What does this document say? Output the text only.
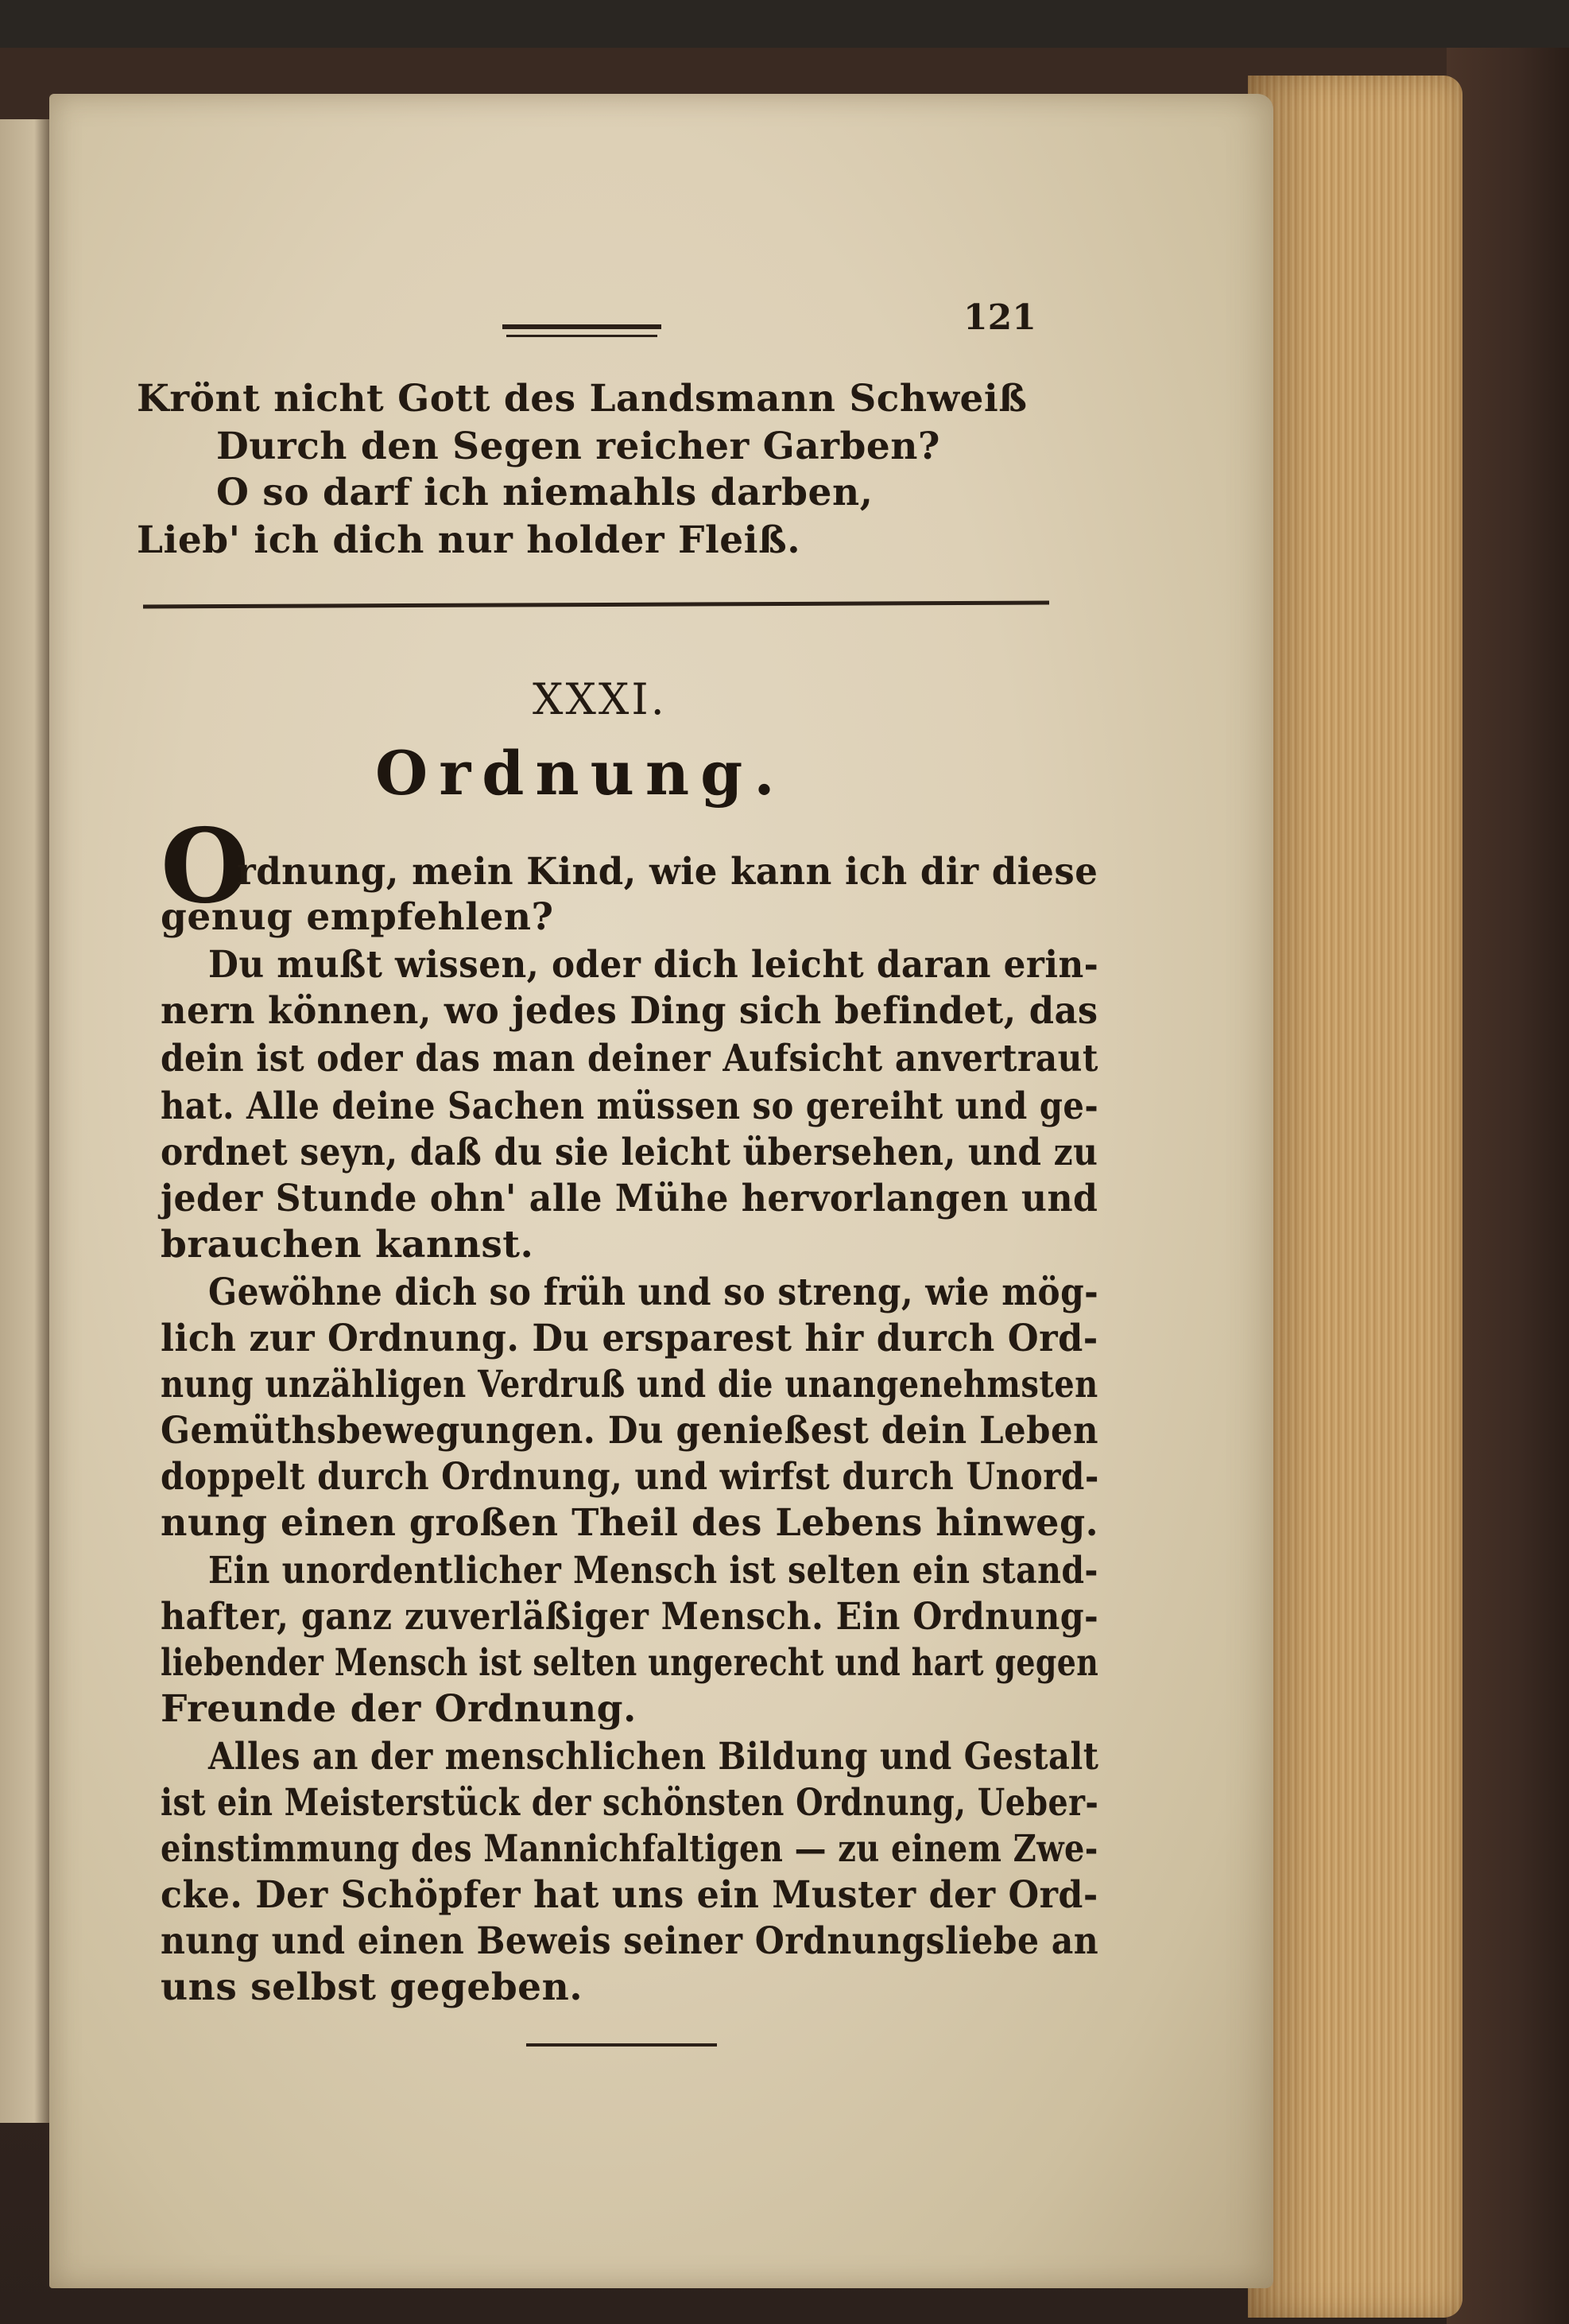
121
Krönt nicht Gott des Landsmann Schweiß
Durch den Segen reicher Garben?
O so darf ich niemahls darben,
Lieb' ich dich nur holder Fleiß.
XXXI.
Ordnung.
O
rdnung, mein Kind, wie kann ich dir diese
genug empfehlen?
Du mußt wissen, oder dich leicht daran erin-
nern können, wo jedes Ding sich befindet, das
dein ist oder das man deiner Aufsicht anvertraut
hat. Alle deine Sachen müssen so gereiht und ge-
ordnet seyn, daß du sie leicht übersehen, und zu
jeder Stunde ohn' alle Mühe hervorlangen und
brauchen kannst.
Gewöhne dich so früh und so streng, wie mög-
lich zur Ordnung. Du ersparest hir durch Ord-
nung unzähligen Verdruß und die unangenehmsten
Gemüthsbewegungen. Du genießest dein Leben
doppelt durch Ordnung, und wirfst durch Unord-
nung einen großen Theil des Lebens hinweg.
Ein unordentlicher Mensch ist selten ein stand-
hafter, ganz zuverläßiger Mensch. Ein Ordnung-
liebender Mensch ist selten ungerecht und hart gegen
Freunde der Ordnung.
Alles an der menschlichen Bildung und Gestalt
ist ein Meisterstück der schönsten Ordnung, Ueber-
einstimmung des Mannichfaltigen — zu einem Zwe-
cke. Der Schöpfer hat uns ein Muster der Ord-
nung und einen Beweis seiner Ordnungsliebe an
uns selbst gegeben.
